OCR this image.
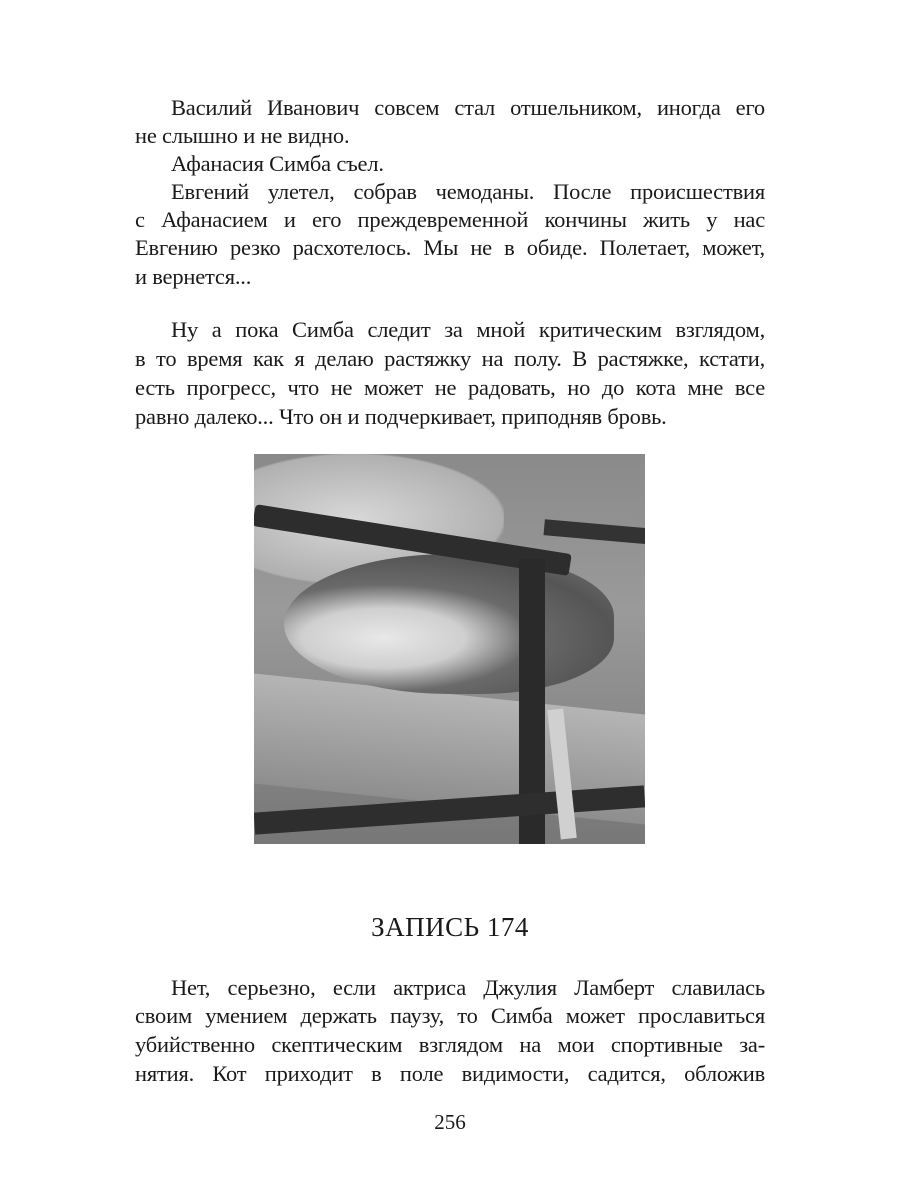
Василий Иванович совсем стал отшельником, иногда его
не слышно и не видно.
Афанасия Симба съел.
Евгений улетел, собрав чемоданы. После происшествия
с Афанасием и его преждевременной кончины жить у нас
Евгению резко расхотелось. Мы не в обиде. Полетает, может,
и вернется...
Ну а пока Симба следит за мной критическим взглядом,
в то время как я делаю растяжку на полу. В растяжке, кстати,
есть прогресс, что не может не радовать, но до кота мне все
равно далеко... Что он и подчеркивает, приподняв бровь.
ЗАПИСЬ 174
Нет, серьезно, если актриса Джулия Ламберт славилась
своим умением держать паузу, то Симба может прославиться
убийственно скептическим взглядом на мои спортивные за-
нятия. Кот приходит в поле видимости, садится, обложив
256
